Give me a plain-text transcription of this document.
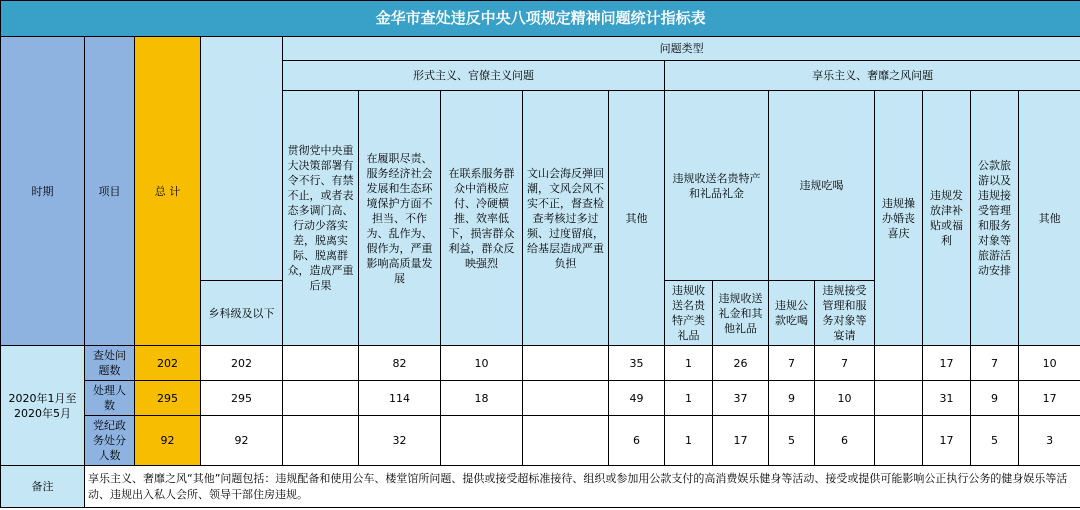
金华市查处违反中央八项规定精神问题统计指标表																
时期	项目	总 计		问题类型												
				形式主义、官僚主义问题					享乐主义、奢靡之风问题							
				贯彻党中央重大决策部署有令不行、有禁不止，或者表态多调门高、行动少落实差，脱离实际、脱离群众，造成严重后果	在履职尽责、服务经济社会发展和生态环境保护方面不担当、不作为、乱作为、假作为，严重影响高质量发展	在联系服务群众中消极应付、冷硬横推、效率低下，损害群众利益，群众反映强烈	文山会海反弹回潮，文风会风不实不正，督查检查考核过多过频、过度留痕，给基层造成严重负担	其他	违规收送名贵特产和礼品礼金		违规吃喝		违规操办婚丧喜庆	违规发放津补贴或福利	公款旅游以及违规接受管理和服务对象等旅游活动安排	其他
			乡科级及以下						违规收送名贵特产类礼品	违规收送礼金和其他礼品	违规公款吃喝	违规接受管理和服务对象等宴请				

2020年1月至2020年5月	查处问题数	202	202		82	10		35	1	26	7	7		17	7	10
	处理人数	295	295		114	18		49	1	37	9	10		31	9	17
	党纪政务处分人数	92	92		32			6	1	17	5	6		17	5	3
备注	享乐主义、奢靡之风“其他”问题包括：违规配备和使用公车、楼堂馆所问题、提供或接受超标准接待、组织或参加用公款支付的高消费娱乐健身等活动、接受或提供可能影响公正执行公务的健身娱乐等活动、违规出入私人会所、领导干部住房违规。															
